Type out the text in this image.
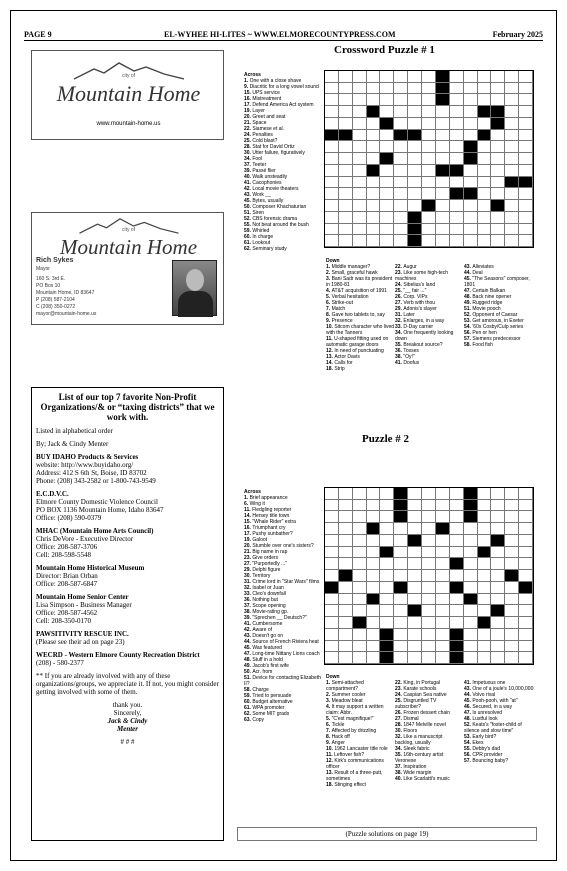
PAGE 9	EL-WYHEE HI-LITES ~ WWW.ELMORECOUNTYPRESS.COM	February 2025
city of
Mountain Home
www.mountain-home.us
city of
Mountain Home
Rich Sykes
Mayor
160 S. 3rd E.
PO Box 10
Mountain Home, ID 83647
P (208) 587-2104
C (208) 350-0272
mayor@mountain-home.us
List of our top 7 favorite Non-Profit Organizations/& or “taxing districts” that we work with.

Listed in alphabetical order

By; Jack & Cindy Menter

BUY IDAHO Products & Services
website: http://www.buyidaho.org/
Address: 412 S 6th St, Boise, ID 83702
Phone: (208) 343-2582 or 1-800-743-9549

E.C.D.V.C.
Elmore County Domestic Violence Council
PO BOX 1136 Mountain Home, Idaho 83647
Office: (208) 590-0379

MHAC (Mountain Home Arts Council)
Chris DeVore - Executive Director
Office: 208-587-3706
Cell: 208-598-5548

Mountain Home Historical Museum
Director: Brian Orban
Office: 208-587-6847

Mountain Home Senior Center
Lisa Simpson - Business Manager
Office: 208-587-4562
Cell: 208-350-0170

PAWSITIVITY RESCUE INC.
(Please see their ad on page 23)

WECRD - Western Elmore County Recreation District
(208) - 580-2377

** If you are already involved with any of these organizations/groups, we appreciate it. If not, you might consider getting involved with some of them.

thank you.

Sincerely,
Jack & Cindy
Menter

# # #

Crossword Puzzle # 1
Across
1. One with a close shave
9. Diacritic for a long vowel sound
15. UPS service
16. Mistreatment
17. Defend America Act system
19. Layer
20. Greet and seat
21. Space
22. Siamese et al.
24. Penalties
25. Cold blast?
28. Stat for David Ortiz
30. Utter failure, figuratively
34. Fool
37. Teeter
39. Passé flier
40. Walk unsteadily
41. Cacophonies
42. Local movie theaters
43. Work __
45. Bytes, usually
50. Composer Khachaturian
51. Siren
52. CBS forensic drama
55. Not beat around the bush
59. Whirled
60. In charge
61. Lookout
62. Seminary study
Down
1. Middle manager?
2. Small, graceful hawk
3. Bani Sadr was its president in 1980-81
4. AT&T acquisition of 1991
5. Verbal hesitation
6. Strike-out
7. Match
8. Gave two tablets to, say
9. Presence
10. Sitcom character who lived with the Tanners
11. U-shaped fitting used on automatic garage doors
12. In need of punctuating
13. Actor Davis
14. Calls for
18. Strip
22. Augur
23. Like some high-tech machines
24. Sibelius's land
25. "__ fair ..."
26. Corp. VIPs
27. Verb with thou
29. Adonis's slayer
31. Later
32. Enlarges, in a way
33. D-Day carrier
34. One frequently looking down
35. Breakout source?
36. Tosses
38. "Oy!"
41. Doofus
43. Alleviates
44. Deal
45. "The Seasons" composer, 1801
47. Certain Balkan
48. Back nine opener
49. Rugged ridge
51. Movie pooch
52. Opponent of Caesar
53. Get amorous, in Exeter
54. '60s Cosby/Culp series
56. Pen or hen
57. Siemens predecessor
58. Food fish
Puzzle # 2
Across
1. Brief appearance
6. Wing it
11. Fledgling reporter
14. Hersey title town
15. "Whale Rider" extra
16. Triumphant cry
17. Pushy sunbather?
19. Galoot
20. Stumble over one's sisters?
21. Big name in rap
23. Give orders
27. "Purportedly ..."
29. Delphi figure
30. Territory
31. Crime lord in "Star Wars" films
32. Isabel or Juan
33. Cleo's downfall
36. Nothing but
37. Scope opening
38. Movie-rating gp.
39. "Sprechen __ Deutsch?"
41. Cumbersome
42. Aware of
43. Doesn't go on
44. Source of French Riviera heat
45. Was featured
47. Long-time Nittany Lions coach
48. Stuff in a hold
49. Jacob's first wife
50. Acr. from
51. Device for contacting Elizabeth II?
58. Charge
59. Tried to persuade
60. Budget alternative
61. WPA promoter
62. Some MIT grads
63. Copy
Down
1. Semi-attached compartment?
2. Summer cooler
3. Meadow bleat
4. It may support a written claim: Abbr.
5. "C'est magnifique!"
6. Tickle
7. Affected by drizzling
8. Hack off
9. Anger
10. 1962 Lancaster title role
11. Leftover fish?
12. Kirk's communications officer
13. Result of a three-putt, sometimes
18. Stinging effect
22. King, in Portugal
23. Karate schools
24. Caspian Sea native
25. Disgruntled TV subscriber?
26. Frozen dessert chain
27. Dismal
28. 1847 Melville novel
30. Floors
32. Like a manuscript backlog, usually
34. Sleek fabric
35. 16th-century artist Veronese
37. Inspiration
38. Wide margin
40. Like Scarlatti's music
41. Impetuous one
43. One of a joule's 10,000,000
44. Volvo rival
45. Pooh-pooh, with "at"
46. Secured, in a way
47. Is unresolved
48. Lustful look
52. Keats's "foster-child of silence and slow time"
53. Early bird?
54. Ekes
55. Debby's dad
56. CPR provider
57. Bouncing baby?
(Puzzle solutions on page 19)
